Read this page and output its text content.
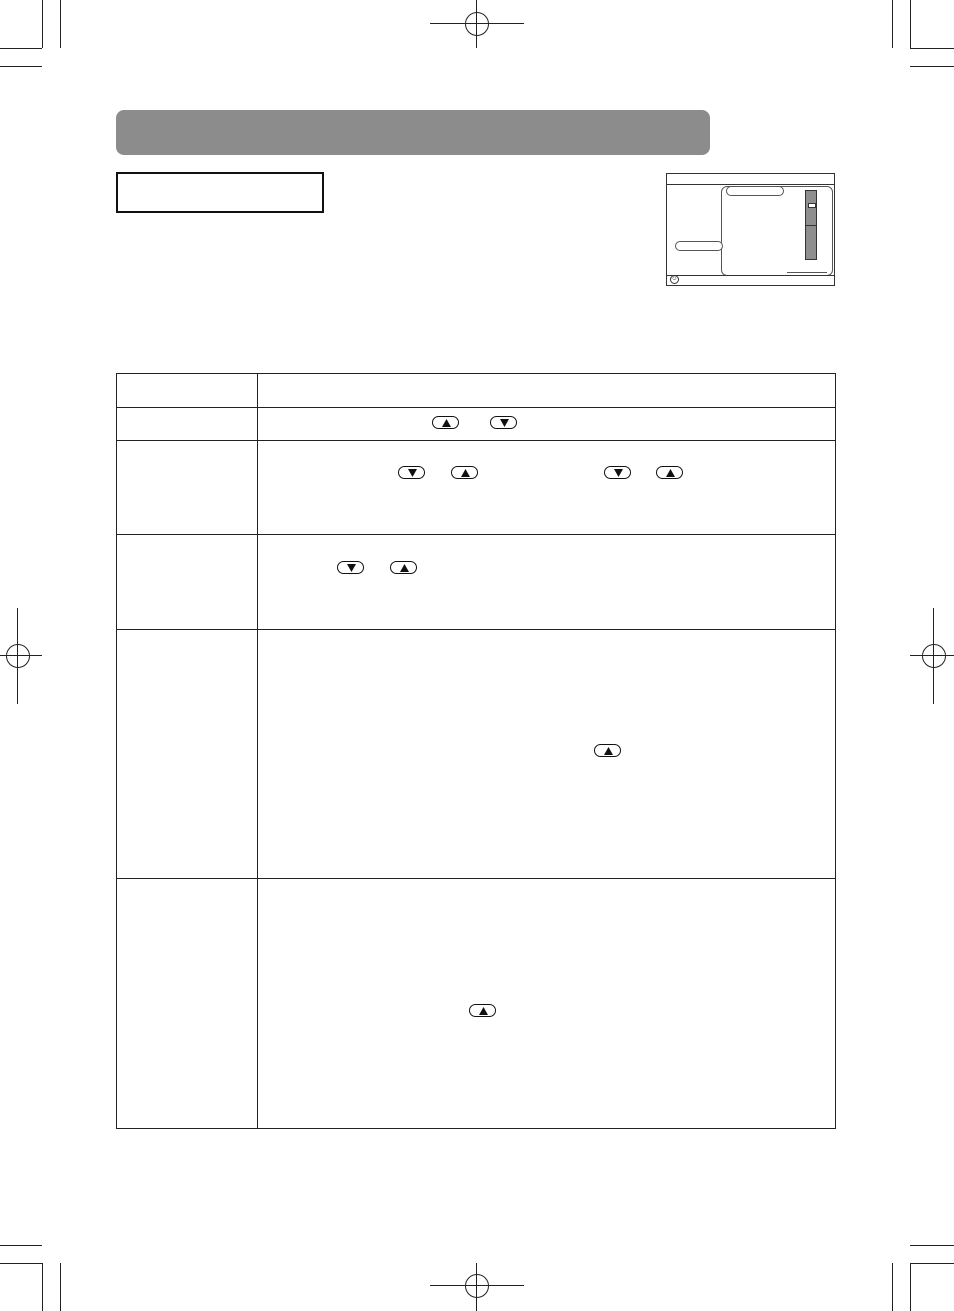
☺
